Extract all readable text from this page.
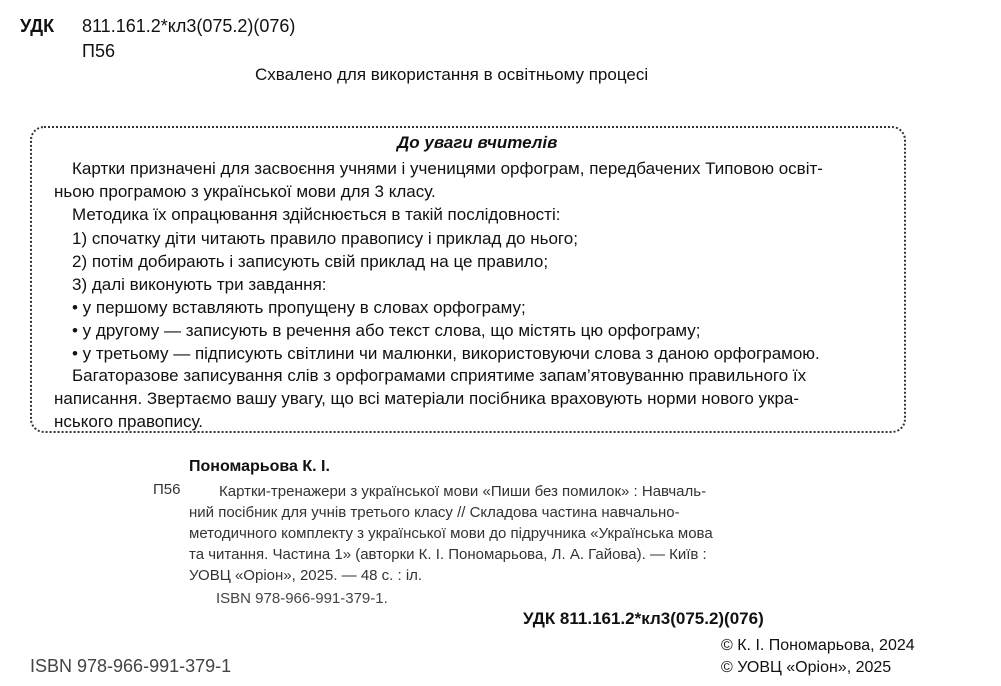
УДК 811.161.2*кл3(075.2)(076)
П56
Схвалено для використання в освітньому процесі
До уваги вчителів
Картки призначені для засвоєння учнями і ученицями орфограм, передбачених Типовою освіт-
ньою програмою з української мови для 3 класу.
Методика їх опрацювання здійснюється в такій послідовності:
1) спочатку діти читають правило правопису і приклад до нього;
2) потім добирають і записують свій приклад на це правило;
3) далі виконують три завдання:
• у першому вставляють пропущену в словах орфограму;
• у другому — записують в речення або текст слова, що містять цю орфограму;
• у третьому — підписують світлини чи малюнки, використовуючи слова з даною орфограмою.
Багаторазове записування слів з орфограмами сприятиме запам’ятовуванню правильного їх
написання. Звертаємо вашу увагу, що всі матеріали посібника враховують норми нового укра-
нського правопису.
Пономарьова К. І.
П56	Картки-тренажери з української мови «Пиши без помилок» : Навчаль-
ний посібник для учнів третього класу // Складова частина навчально-
методичного комплекту з української мови до підручника «Українська мова
та читання. Частина 1» (авторки К. І. Пономарьова, Л. А. Гайова). — Київ :
УОВЦ «Оріон», 2025. — 48 с. : іл.
ISBN 978-966-991-379-1.
УДК 811.161.2*кл3(075.2)(076)
ISBN 978-966-991-379-1
© К. І. Пономарьова, 2024
© УОВЦ «Оріон», 2025
